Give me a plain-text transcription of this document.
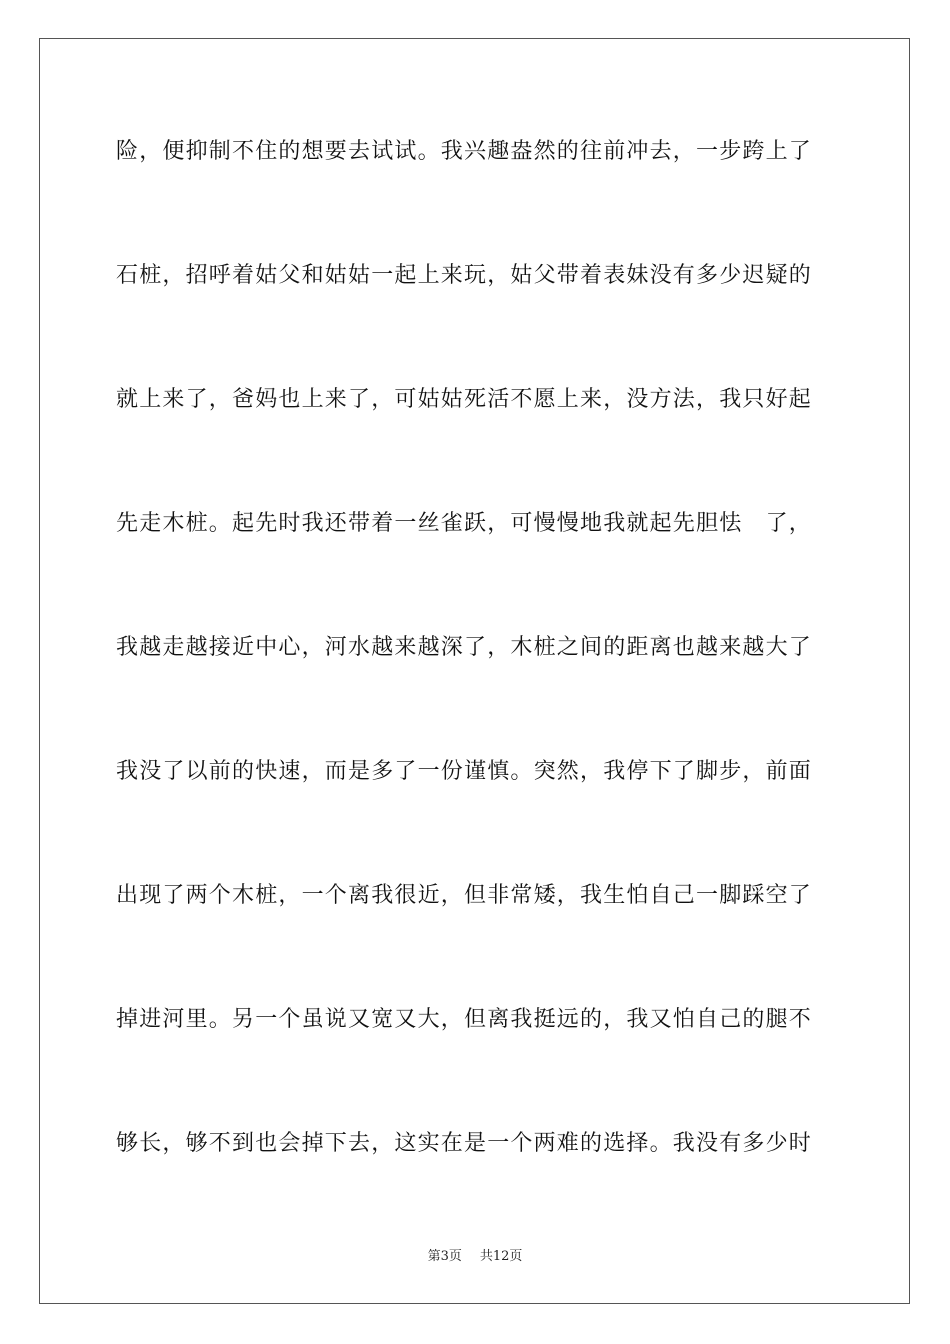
险，便抑制不住的想要去试试。我兴趣盎然的往前冲去，一步跨上了
石桩，招呼着姑父和姑姑一起上来玩，姑父带着表妹没有多少迟疑的
就上来了，爸妈也上来了，可姑姑死活不愿上来，没方法，我只好起
先走木桩。起先时我还带着一丝雀跃，可慢慢地我就起先胆怯　了，
我越走越接近中心，河水越来越深了，木桩之间的距离也越来越大了
我没了以前的快速，而是多了一份谨慎。突然，我停下了脚步，前面
出现了两个木桩，一个离我很近，但非常矮，我生怕自己一脚踩空了
掉进河里。另一个虽说又宽又大，但离我挺远的，我又怕自己的腿不
够长，够不到也会掉下去，这实在是一个两难的选择。我没有多少时
第3页 共12页
